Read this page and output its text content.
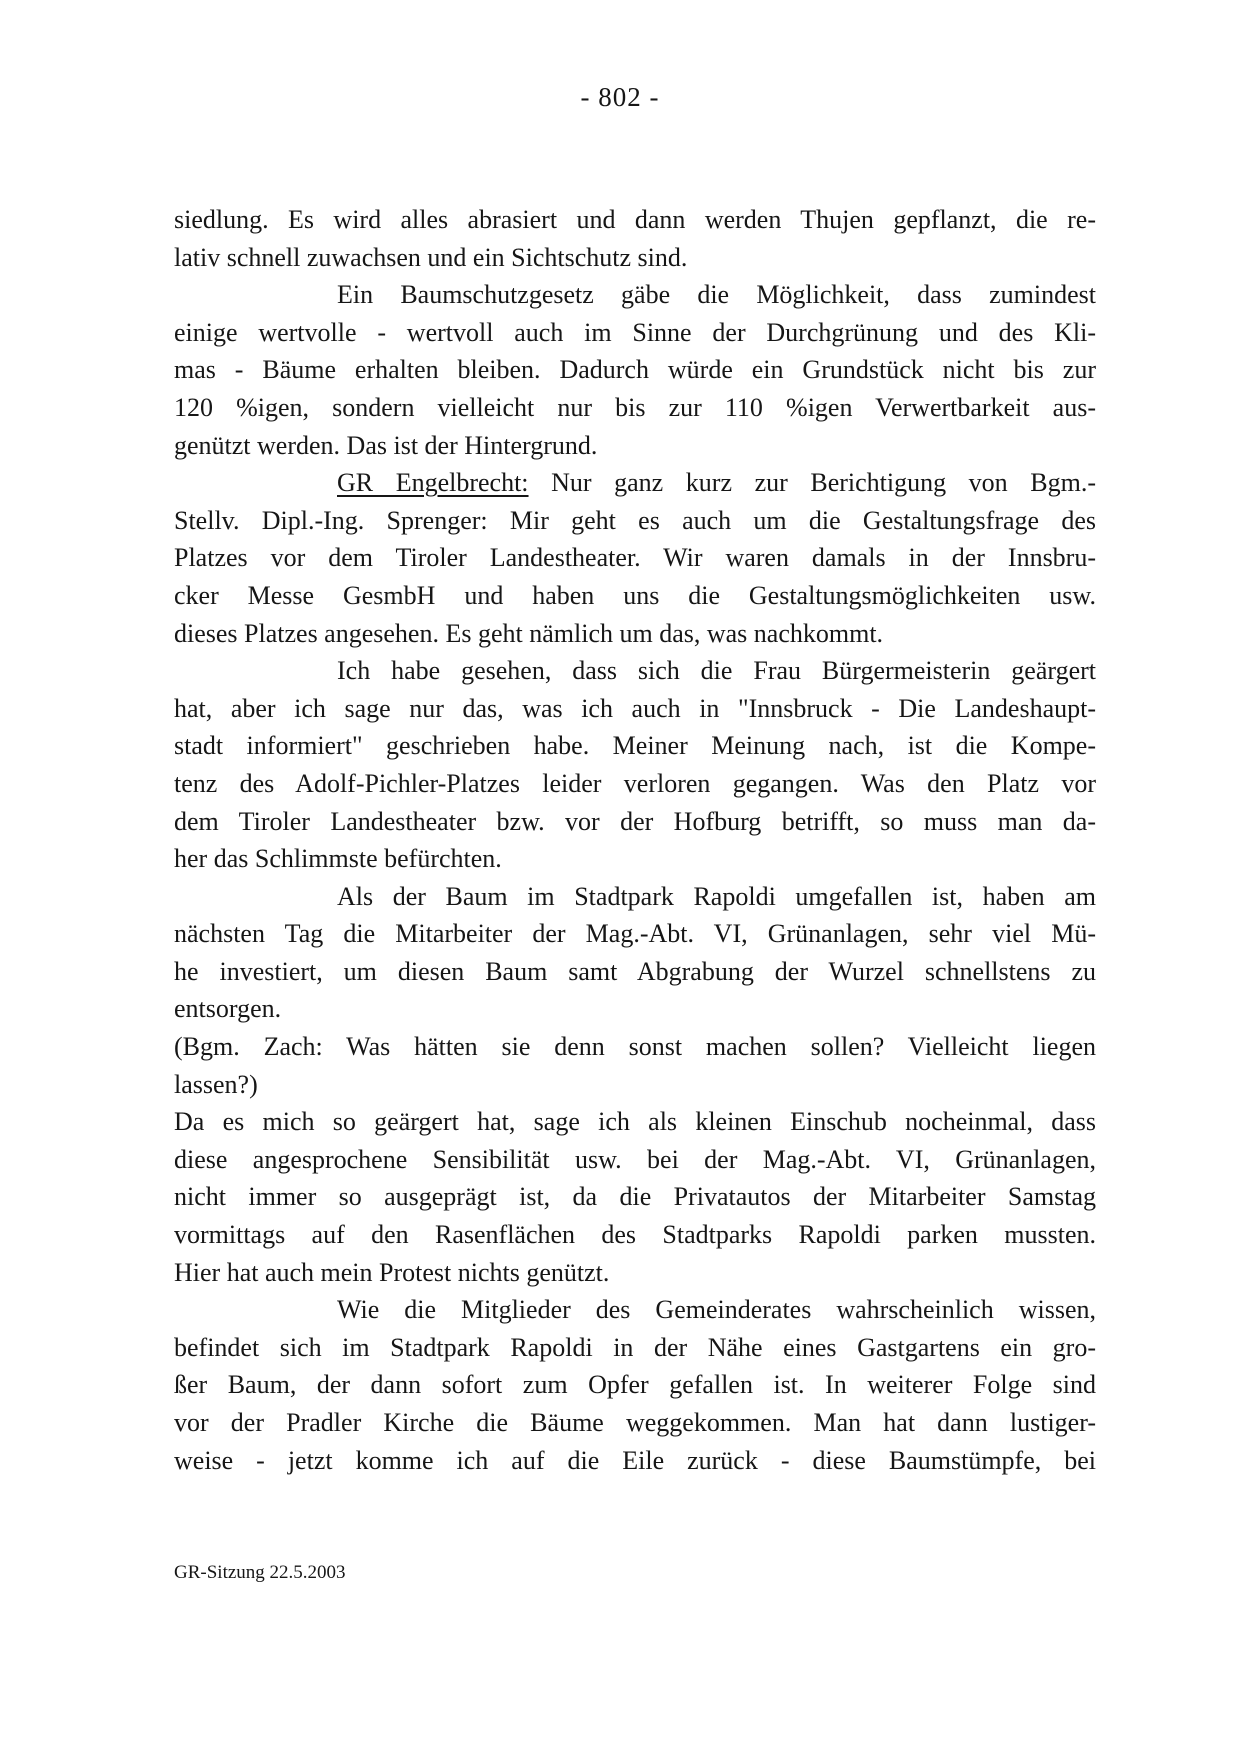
- 802 -
siedlung. Es wird alles abrasiert und dann werden Thujen gepflanzt, die re-
lativ schnell zuwachsen und ein Sichtschutz sind.
Ein Baumschutzgesetz gäbe die Möglichkeit, dass zumindest
einige wertvolle - wertvoll auch im Sinne der Durchgrünung und des Kli-
mas - Bäume erhalten bleiben. Dadurch würde ein Grundstück nicht bis zur
120 %igen, sondern vielleicht nur bis zur 110 %igen Verwertbarkeit aus-
genützt werden. Das ist der Hintergrund.
GR Engelbrecht: Nur ganz kurz zur Berichtigung von Bgm.-
Stellv. Dipl.-Ing. Sprenger: Mir geht es auch um die Gestaltungsfrage des
Platzes vor dem Tiroler Landestheater. Wir waren damals in der Innsbru-
cker Messe GesmbH und haben uns die Gestaltungsmöglichkeiten usw.
dieses Platzes angesehen. Es geht nämlich um das, was nachkommt.
Ich habe gesehen, dass sich die Frau Bürgermeisterin geärgert
hat, aber ich sage nur das, was ich auch in "Innsbruck - Die Landeshaupt-
stadt informiert" geschrieben habe. Meiner Meinung nach, ist die Kompe-
tenz des Adolf-Pichler-Platzes leider verloren gegangen. Was den Platz vor
dem Tiroler Landestheater bzw. vor der Hofburg betrifft, so muss man da-
her das Schlimmste befürchten.
Als der Baum im Stadtpark Rapoldi umgefallen ist, haben am
nächsten Tag die Mitarbeiter der Mag.-Abt. VI, Grünanlagen, sehr viel Mü-
he investiert, um diesen Baum samt Abgrabung der Wurzel schnellstens zu
entsorgen.
(Bgm. Zach: Was hätten sie denn sonst machen sollen? Vielleicht liegen
lassen?)
Da es mich so geärgert hat, sage ich als kleinen Einschub nocheinmal, dass
diese angesprochene Sensibilität usw. bei der Mag.-Abt. VI, Grünanlagen,
nicht immer so ausgeprägt ist, da die Privatautos der Mitarbeiter Samstag
vormittags auf den Rasenflächen des Stadtparks Rapoldi parken mussten.
Hier hat auch mein Protest nichts genützt.
Wie die Mitglieder des Gemeinderates wahrscheinlich wissen,
befindet sich im Stadtpark Rapoldi in der Nähe eines Gastgartens ein gro-
ßer Baum, der dann sofort zum Opfer gefallen ist. In weiterer Folge sind
vor der Pradler Kirche die Bäume weggekommen. Man hat dann lustiger-
weise - jetzt komme ich auf die Eile zurück - diese Baumstümpfe, bei
GR-Sitzung 22.5.2003
